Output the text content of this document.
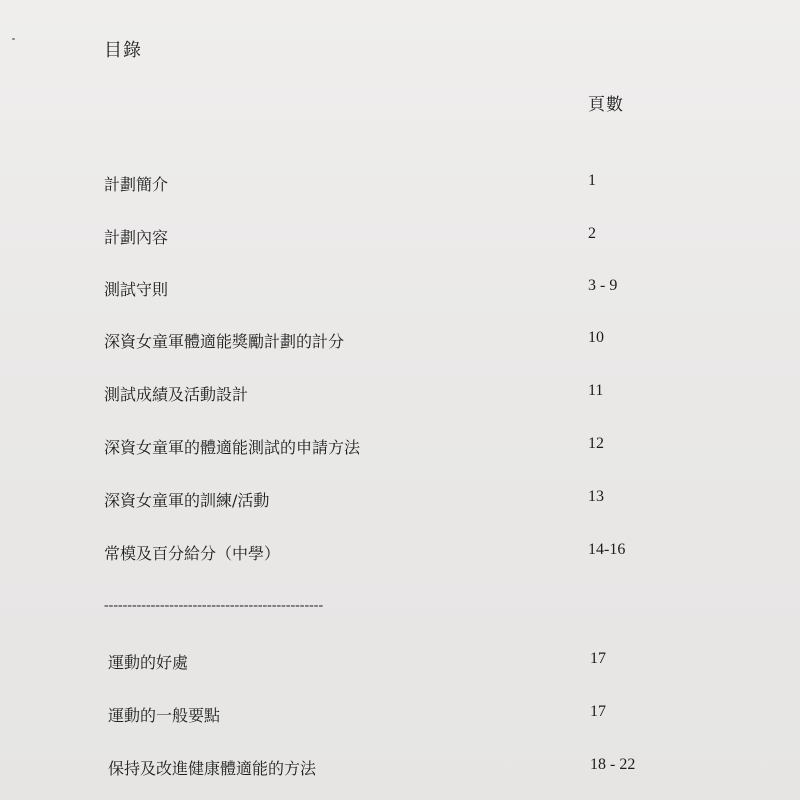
目錄
頁數
計劃簡介	1
計劃內容	2
測試守則	3 - 9
深資女童軍體適能獎勵計劃的計分	10
測試成績及活動設計	11
深資女童軍的體適能測試的申請方法	12
深資女童軍的訓練/活動	13
常模及百分給分（中學）	14-16
-----------------------------------------------
運動的好處	17
運動的一般要點	17
保持及改進健康體適能的方法	18 - 22
